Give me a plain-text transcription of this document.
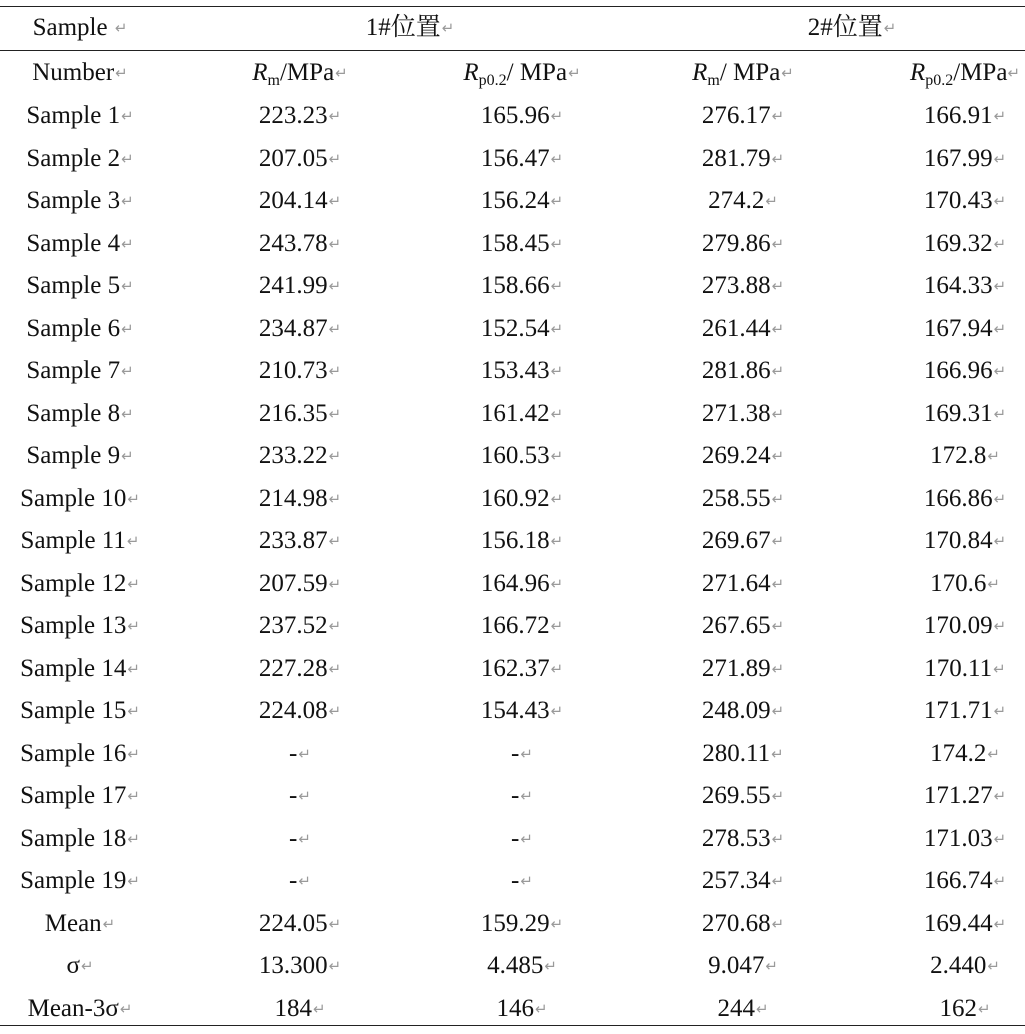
Sample ↵	1#位置↵	2#位置↵
Number↵	$R_m/MPa↵$	$R_{p0.2}/$ MPa↵	$R_m/$ MPa↵	$R_{p0.2}/MPa↵$
Sample 1↵	223.23↵	165.96↵	276.17↵	166.91↵
Sample 2↵	207.05↵	156.47↵	281.79↵	167.99↵
Sample 3↵	204.14↵	156.24↵	274.2↵	170.43↵
Sample 4↵	243.78↵	158.45↵	279.86↵	169.32↵
Sample 5↵	241.99↵	158.66↵	273.88↵	164.33↵
Sample 6↵	234.87↵	152.54↵	261.44↵	167.94↵
Sample 7↵	210.73↵	153.43↵	281.86↵	166.96↵
Sample 8↵	216.35↵	161.42↵	271.38↵	169.31↵
Sample 9↵	233.22↵	160.53↵	269.24↵	172.8↵
Sample 10↵	214.98↵	160.92↵	258.55↵	166.86↵
Sample 11↵	233.87↵	156.18↵	269.67↵	170.84↵
Sample 12↵	207.59↵	164.96↵	271.64↵	170.6↵
Sample 13↵	237.52↵	166.72↵	267.65↵	170.09↵
Sample 14↵	227.28↵	162.37↵	271.89↵	170.11↵
Sample 15↵	224.08↵	154.43↵	248.09↵	171.71↵
Sample 16↵	-↵	-↵	280.11↵	174.2↵
Sample 17↵	-↵	-↵	269.55↵	171.27↵
Sample 18↵	-↵	-↵	278.53↵	171.03↵
Sample 19↵	-↵	-↵	257.34↵	166.74↵
Mean↵	224.05↵	159.29↵	270.68↵	169.44↵
σ↵	13.300↵	4.485↵	9.047↵	2.440↵
Mean-3σ↵	184↵	146↵	244↵	162↵
